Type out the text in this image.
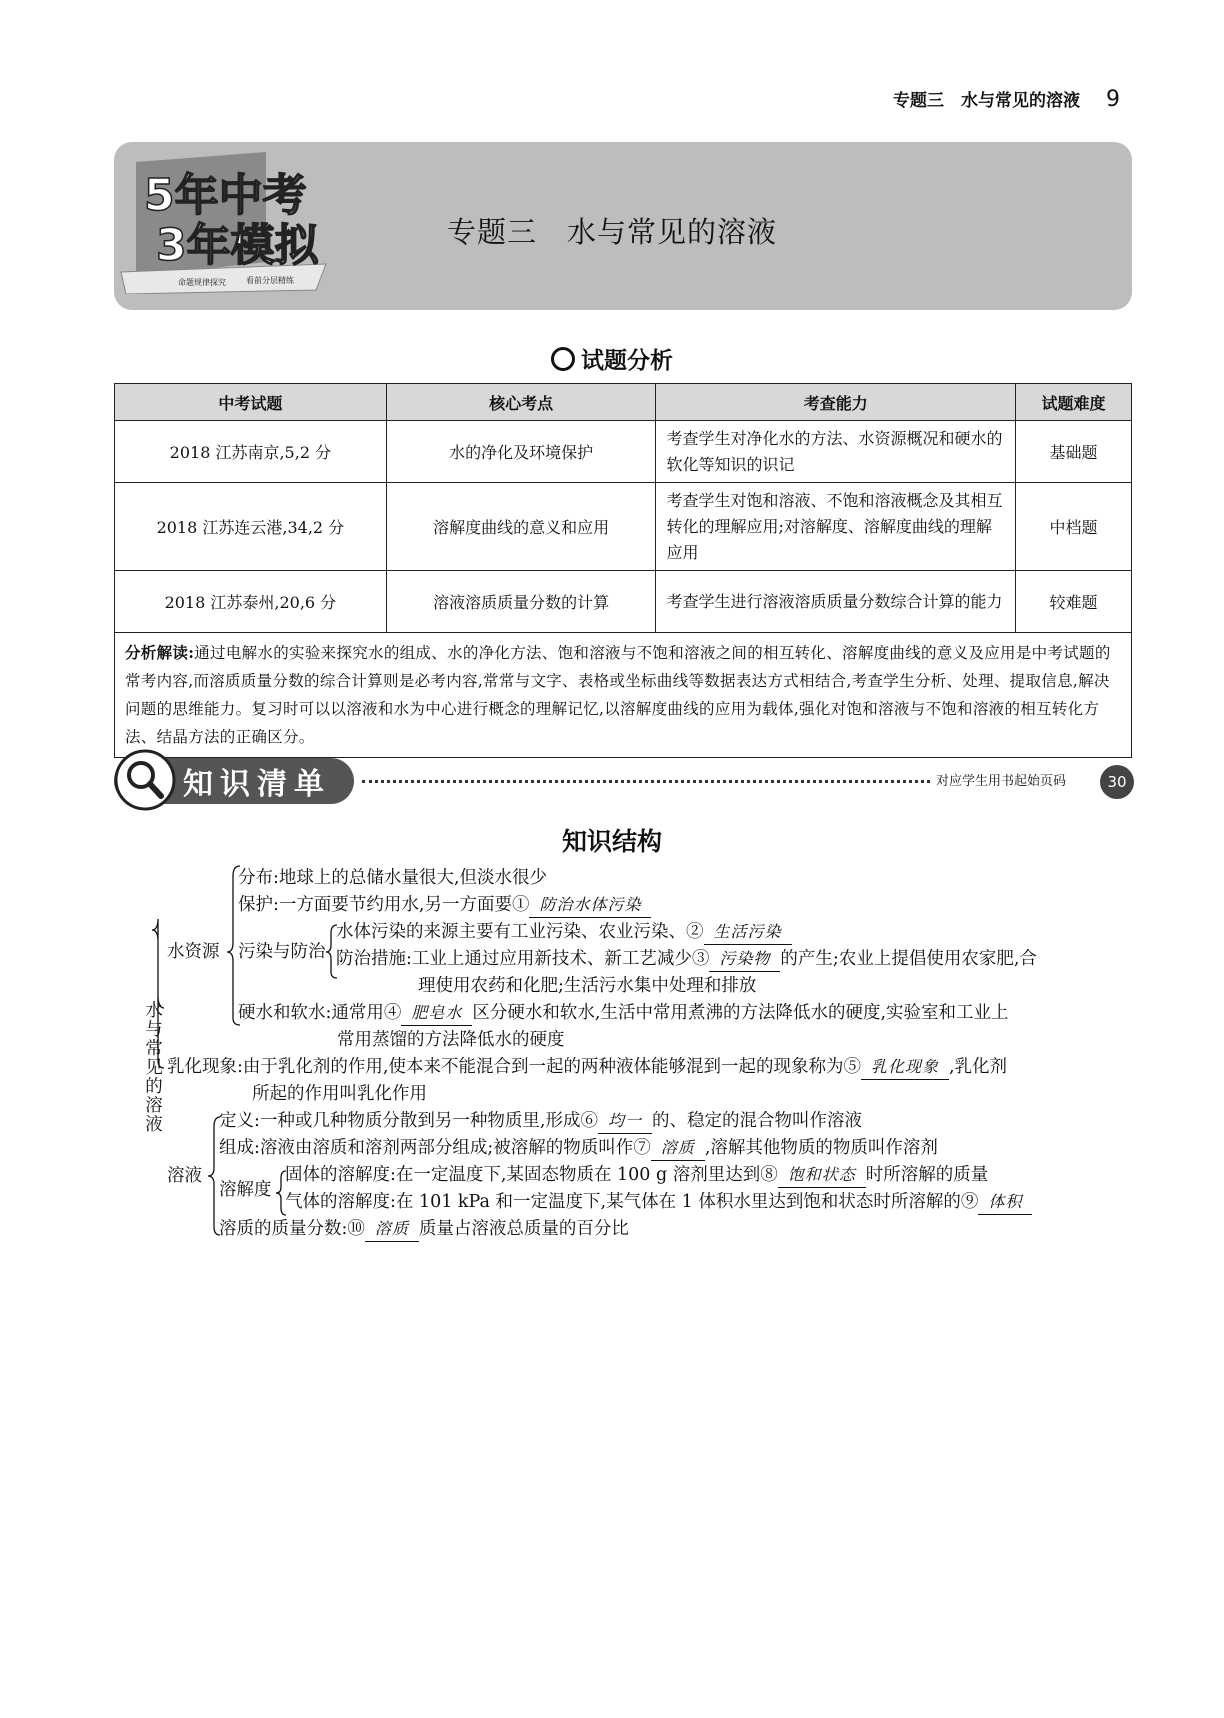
专题三　水与常见的溶液 9
5年中考
3年模拟
命题规律探究	看前分层精练
专题三　水与常见的溶液
试题分析
中考试题	核心考点	考查能力	试题难度
2018 江苏南京,5,2 分	水的净化及环境保护	考查学生对净化水的方法、水资源概况和硬水的软化等知识的识记	基础题
2018 江苏连云港,34,2 分	溶解度曲线的意义和应用	考查学生对饱和溶液、不饱和溶液概念及其相互转化的理解应用;对溶解度、溶解度曲线的理解应用	中档题
2018 江苏泰州,20,6 分	溶液溶质质量分数的计算	考查学生进行溶液溶质质量分数综合计算的能力	较难题
分析解读:通过电解水的实验来探究水的组成、水的净化方法、饱和溶液与不饱和溶液之间的相互转化、溶解度曲线的意义及应用是中考试题的常考内容,而溶质质量分数的综合计算则是必考内容,常常与文字、表格或坐标曲线等数据表达方式相结合,考查学生分析、处理、提取信息,解决问题的思维能力。复习时可以以溶液和水为中心进行概念的理解记忆,以溶解度曲线的应用为载体,强化对饱和溶液与不饱和溶液的相互转化方法、结晶方法的正确区分。			
知识清单	对应学生用书起始页码	30
知识结构
水与常见的溶液
水资源
分布:地球上的总储水量很大,但淡水很少
保护:一方面要节约用水,另一方面要① 防治水体污染
污染与防治
水体污染的来源主要有工业污染、农业污染、② 生活污染
防治措施:工业上通过应用新技术、新工艺减少③ 污染物 的产生;农业上提倡使用农家肥,合
理使用农药和化肥;生活污水集中处理和排放
硬水和软水:通常用④ 肥皂水 区分硬水和软水,生活中常用煮沸的方法降低水的硬度,实验室和工业上
常用蒸馏的方法降低水的硬度
乳化现象:由于乳化剂的作用,使本来不能混合到一起的两种液体能够混到一起的现象称为⑤ 乳化现象 ,乳化剂
所起的作用叫乳化作用
溶液
定义:一种或几种物质分散到另一种物质里,形成⑥ 均一 的、稳定的混合物叫作溶液
组成:溶液由溶质和溶剂两部分组成;被溶解的物质叫作⑦ 溶质 ,溶解其他物质的物质叫作溶剂
溶解度
固体的溶解度:在一定温度下,某固态物质在 100 g 溶剂里达到⑧ 饱和状态 时所溶解的质量
气体的溶解度:在 101 kPa 和一定温度下,某气体在 1 体积水里达到饱和状态时所溶解的⑨ 体积
溶质的质量分数:⑩ 溶质 质量占溶液总质量的百分比
